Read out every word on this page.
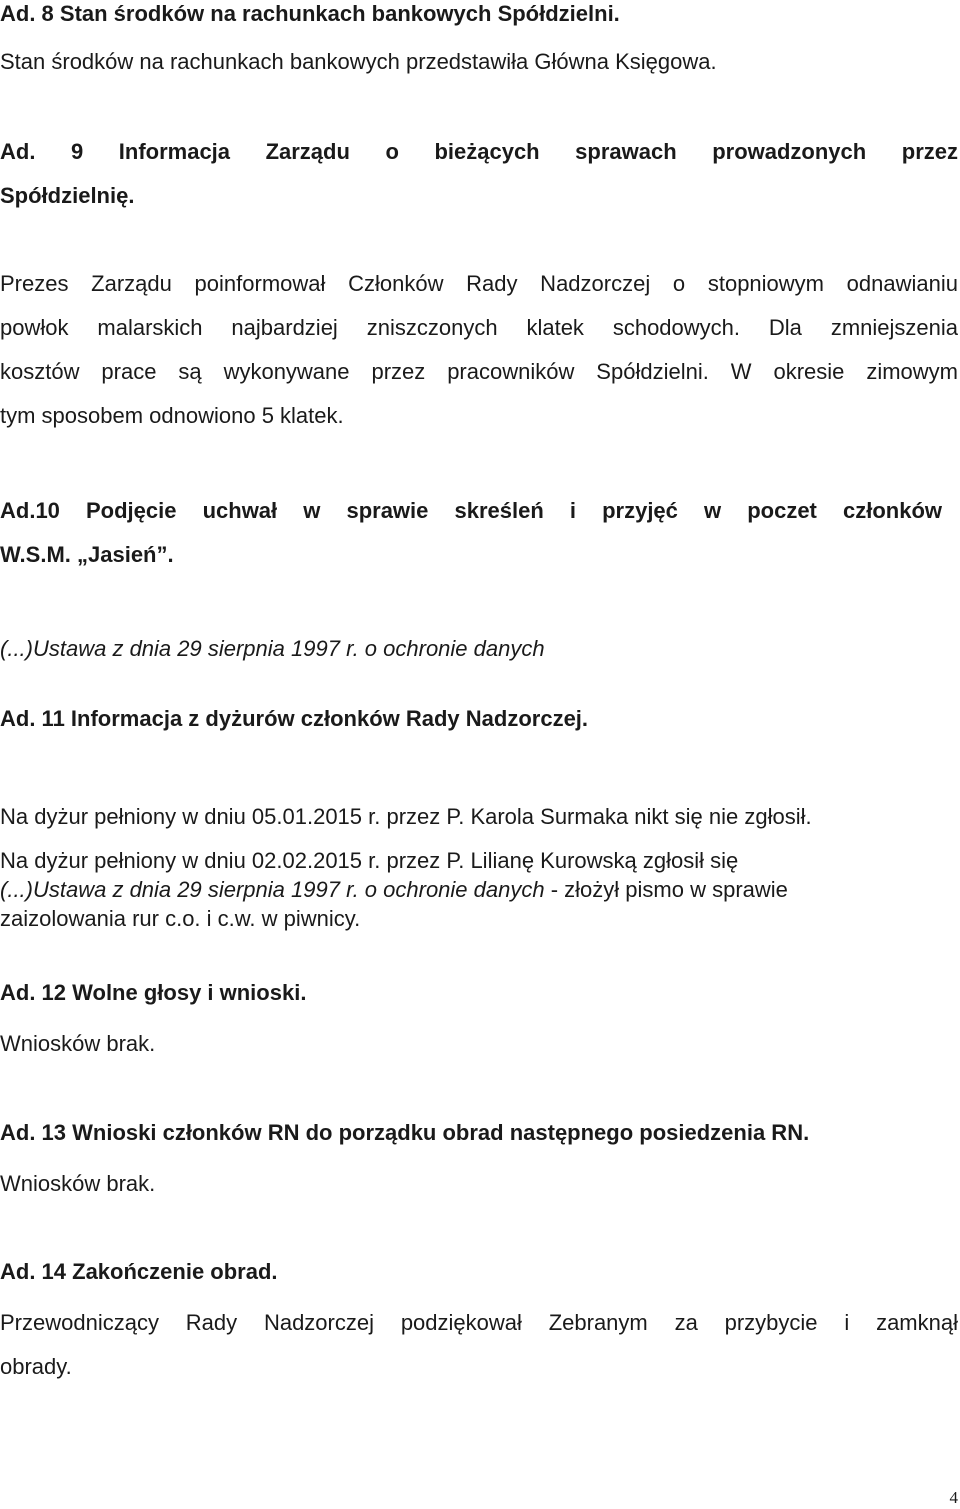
Ad. 8 Stan środków na rachunkach bankowych Spółdzielni.
Stan środków na rachunkach bankowych przedstawiła Główna Księgowa.
Ad. 9 Informacja Zarządu o bieżących sprawach prowadzonych przez
Spółdzielnię.
Prezes Zarządu poinformował Członków Rady Nadzorczej o stopniowym odnawianiu
powłok malarskich najbardziej zniszczonych klatek schodowych. Dla zmniejszenia
kosztów prace są wykonywane przez pracowników Spółdzielni. W okresie zimowym
tym sposobem odnowiono 5 klatek.
Ad.10 Podjęcie uchwał w sprawie skreśleń i przyjęć w poczet członków
W.S.M. „Jasień”.
(...)Ustawa z dnia 29 sierpnia 1997 r. o ochronie danych
Ad. 11 Informacja z dyżurów członków Rady Nadzorczej.
Na dyżur pełniony w dniu 05.01.2015 r. przez P. Karola Surmaka nikt się nie zgłosił.
Na dyżur pełniony w dniu 02.02.2015 r. przez P. Lilianę Kurowską zgłosił się
(...)Ustawa z dnia 29 sierpnia 1997 r. o ochronie danych - złożył pismo w sprawie
zaizolowania rur c.o. i c.w. w piwnicy.
Ad. 12 Wolne głosy i wnioski.
Wniosków brak.
Ad. 13 Wnioski członków RN do porządku obrad następnego posiedzenia RN.
Wniosków brak.
Ad. 14 Zakończenie obrad.
Przewodniczący Rady Nadzorczej podziękował Zebranym za przybycie i zamknął
obrady.
4
